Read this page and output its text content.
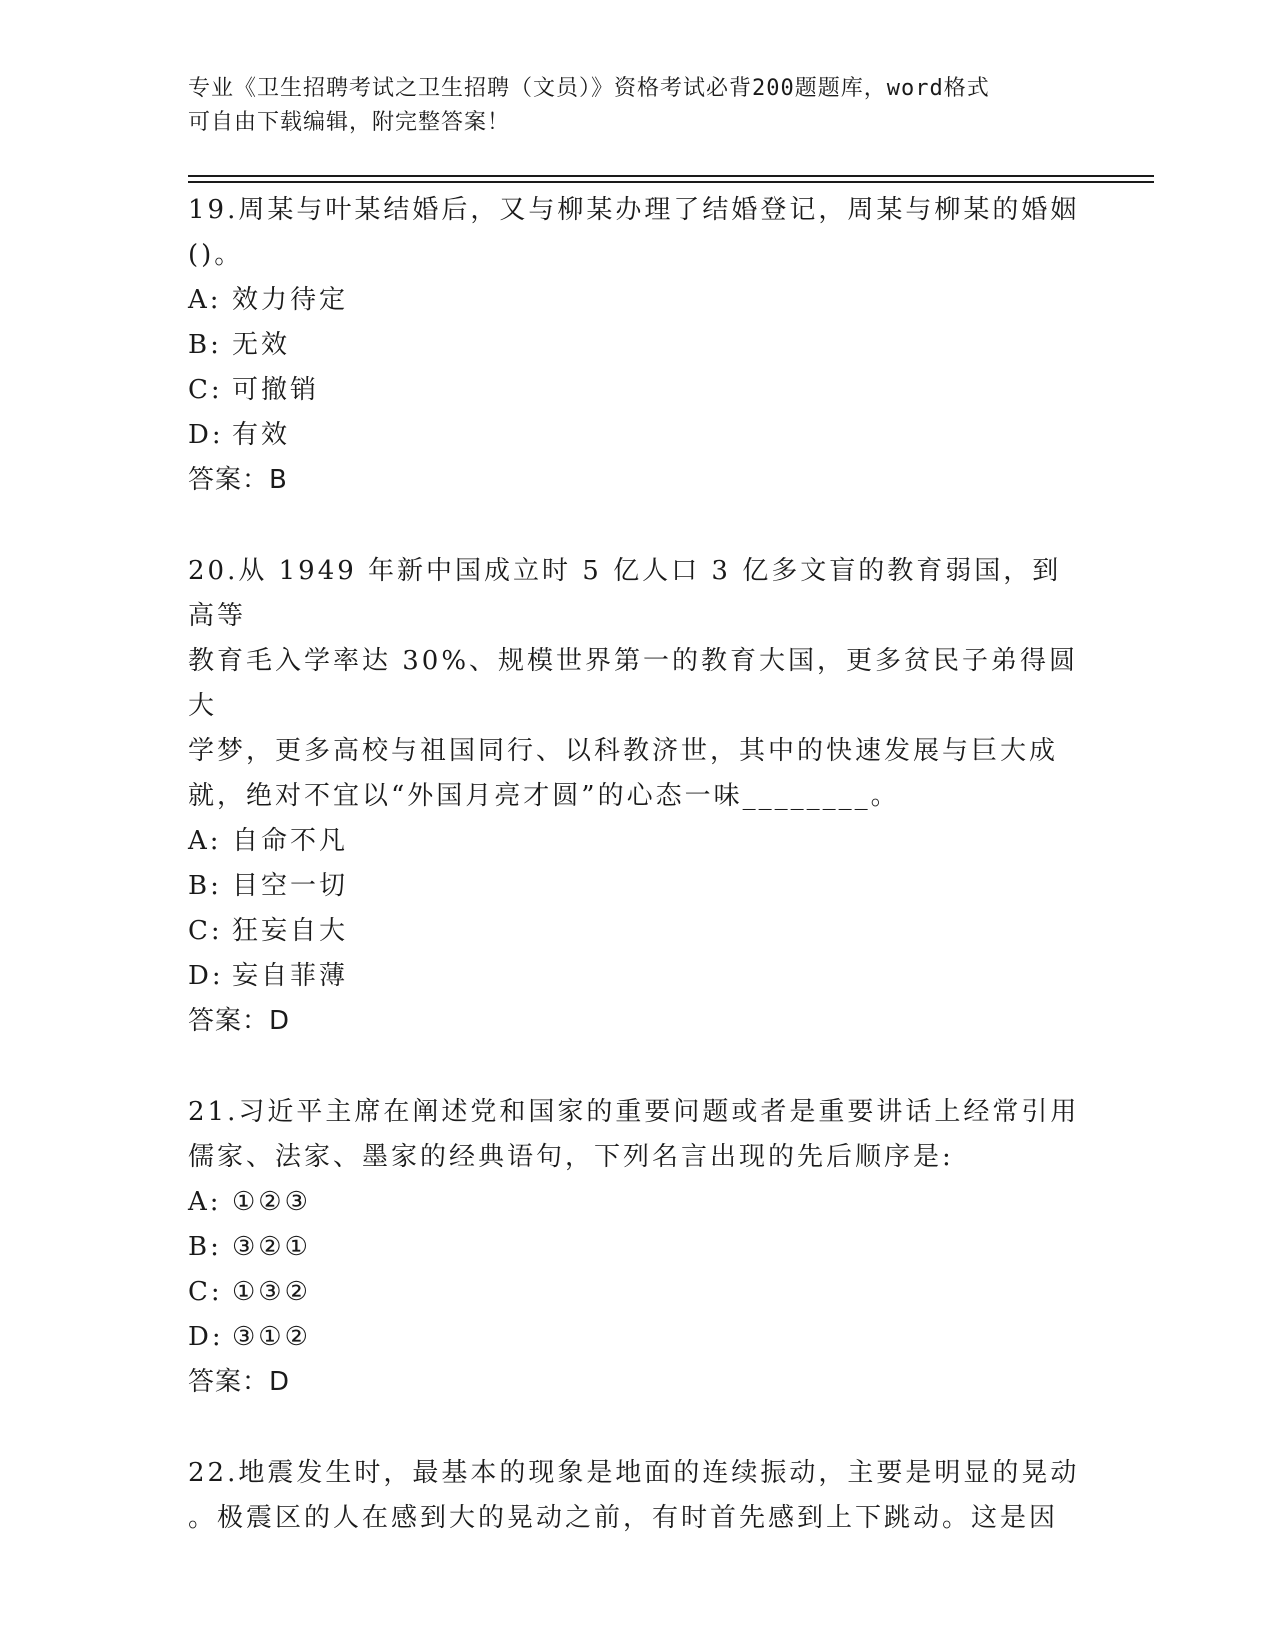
专业《卫生招聘考试之卫生招聘（文员）》资格考试必背200题题库，word格式
可自由下载编辑，附完整答案！

19.周某与叶某结婚后，又与柳某办理了结婚登记，周某与柳某的婚姻

()。

A: 效力待定

B: 无效

C: 可撤销

D: 有效

答案：B

20.从 1949 年新中国成立时 5 亿人口 3 亿多文盲的教育弱国，到高等

教育毛入学率达 30%、规模世界第一的教育大国，更多贫民子弟得圆大

学梦，更多高校与祖国同行、以科教济世，其中的快速发展与巨大成

就，绝对不宜以“外国月亮才圆”的心态一味________。

A: 自命不凡

B: 目空一切

C: 狂妄自大

D: 妄自菲薄

答案：D

21.习近平主席在阐述党和国家的重要问题或者是重要讲话上经常引用

儒家、法家、墨家的经典语句，下列名言出现的先后顺序是:

A: ①②③

B: ③②①

C: ①③②

D: ③①②

答案：D

22.地震发生时，最基本的现象是地面的连续振动，主要是明显的晃动

。极震区的人在感到大的晃动之前，有时首先感到上下跳动。这是因
